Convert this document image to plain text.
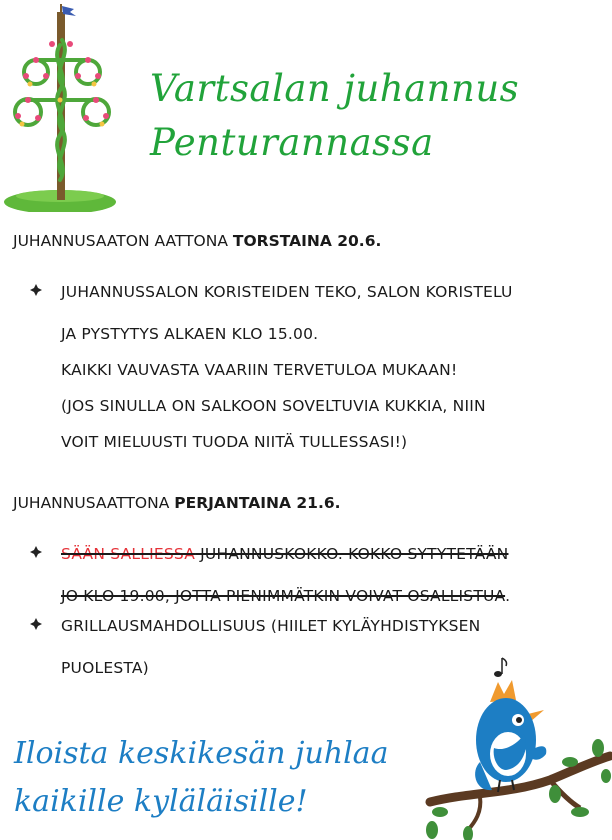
Vartsalan juhannus
Penturannassa
JUHANNUSAATON AATTONA TORSTAINA 20.6.
JUHANNUSSALON KORISTEIDEN TEKO, SALON KORISTELU
JA PYSTYTYS ALKAEN KLO 15.00.
KAIKKI VAUVASTA VAARIIN TERVETULOA MUKAAN!
(JOS SINULLA ON SALKOON SOVELTUVIA KUKKIA, NIIN
VOIT MIELUUSTI TUODA NIITÄ TULLESSASI!)
JUHANNUSAATTONA PERJANTAINA 21.6.
SÄÄN SALLIESSA JUHANNUSKOKKO. KOKKO SYTYTETÄÄN
JO KLO 19.00, JOTTA PIENIMMÄTKIN VOIVAT OSALLISTUA.
GRILLAUSMAHDOLLISUUS (HIILET KYLÄYHDISTYKSEN
PUOLESTA)
Iloista keskikesän juhlaa
kaikille kyläläisille!
